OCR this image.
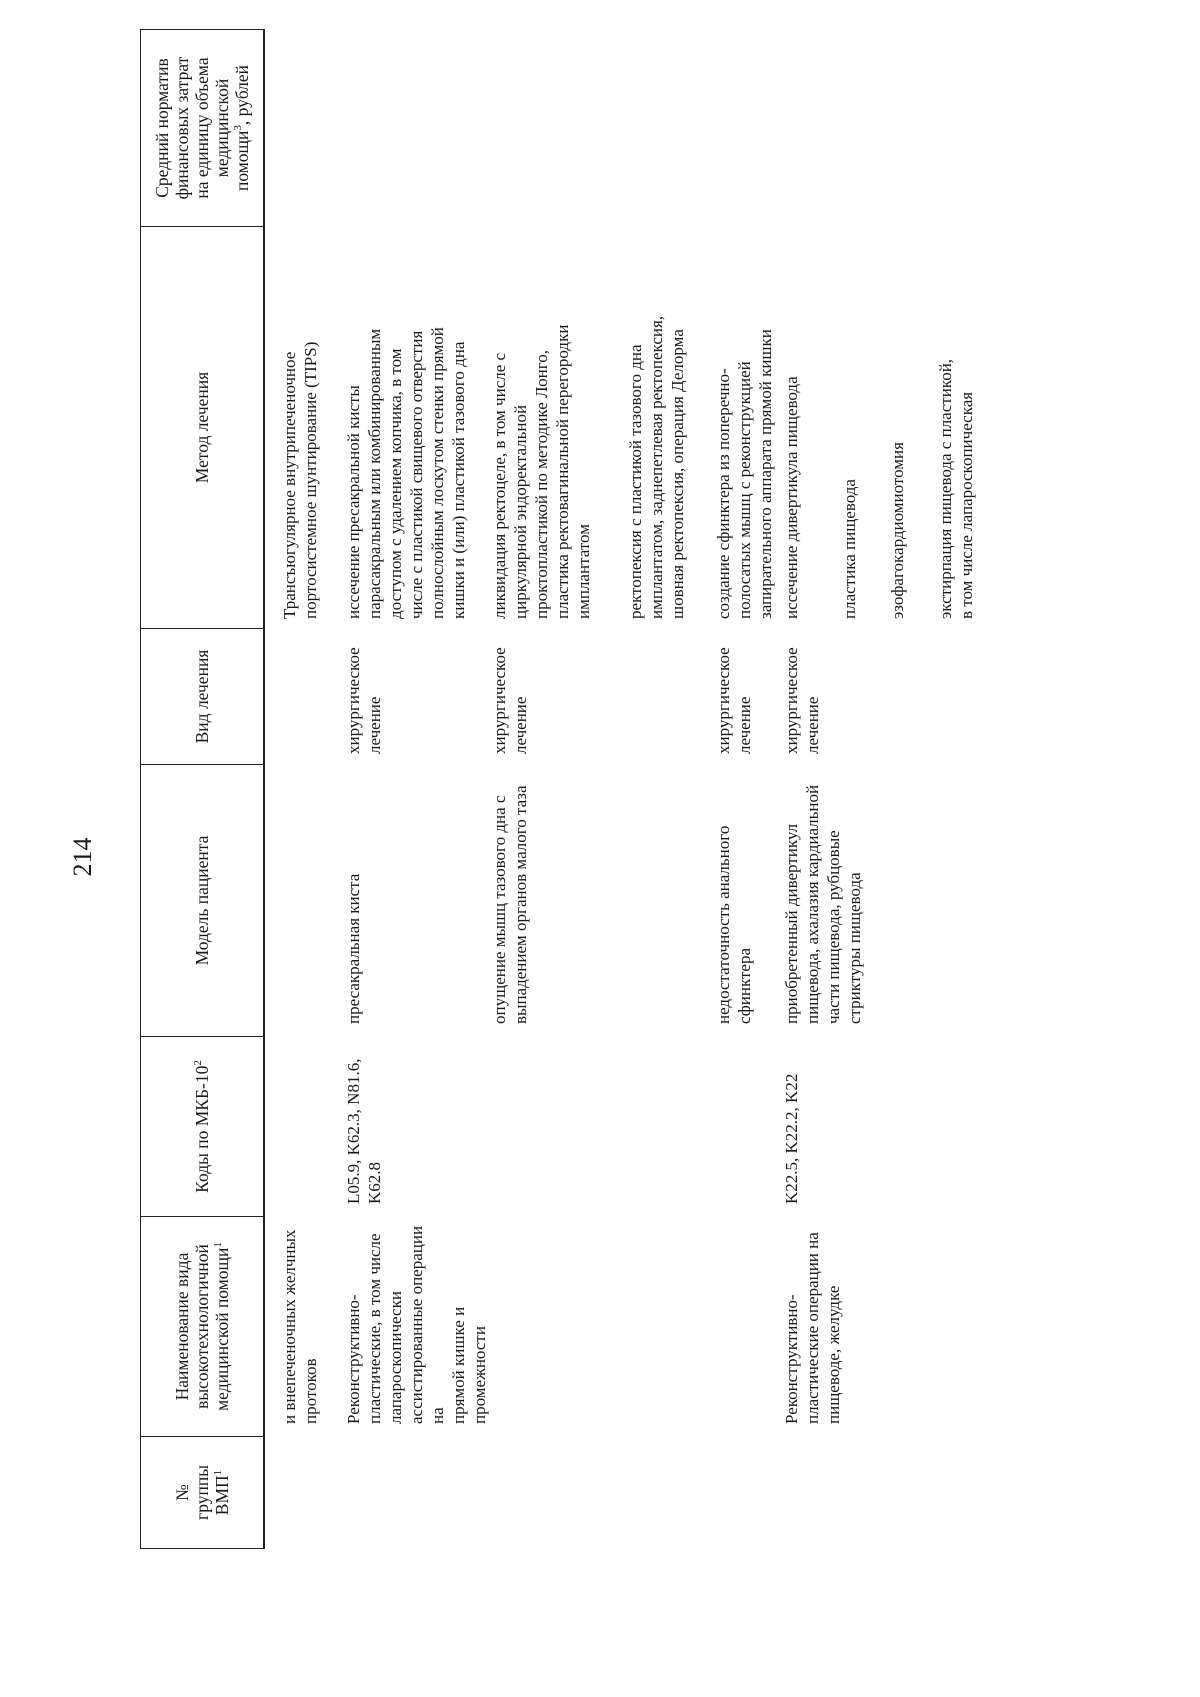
214
№ группы ВМП$^1$
Наименование вида высокотехнологичной медицинской помощи$^1$
Коды по МКБ-$10^2$
Модель пациента
Вид лечения
Метод лечения
Средний норматив финансовых затрат на единицу объема медицинской помощи$^3$, рублей
и внепеченочных желчных
протоков
Трансъюгулярное внутрипеченочное
портосистемное шунтирование (TIPS)
Реконструктивно-
пластические, в том числе
лапароскопически
ассистированные операции на
прямой кишке и промежности
L05.9, K62.3, N81.6,
K62.8
пресакральная киста
хирургическое
лечение
иссечение пресакральной кисты
парасакральным или комбинированным
доступом с удалением копчика, в том
числе с пластикой свищевого отверстия
полнослойным лоскутом стенки прямой
кишки и (или) пластикой тазового дна
опущение мышц тазового дна с
выпадением органов малого таза
хирургическое
лечение
ликвидация ректоцеле, в том числе с
циркулярной эндоректальной
проктопластикой по методике Лонго,
пластика ректовагинальной перегородки
имплантатом ректопексия с пластикой тазового дна
имплантатом, заднепетлевая ректопексия,
шовная ректопексия, операция Делорма
недостаточность анального
сфинктера
хирургическое
лечение
создание сфинктера из поперечно-
полосатых мышц с реконструкцией
запирательного аппарата прямой кишки
Реконструктивно-
пластические операции на
пищеводе, желудке
K22.5, K22.2, K22
приобретенный дивертикул
пищевода, ахалазия кардиальной
части пищевода, рубцовые
стриктуры пищевода
хирургическое
лечение
иссечение дивертикула пищевода пластика пищевода эзофагокардиомиотомия экстирпация пищевода с пластикой,
в том числе лапароскопическая
